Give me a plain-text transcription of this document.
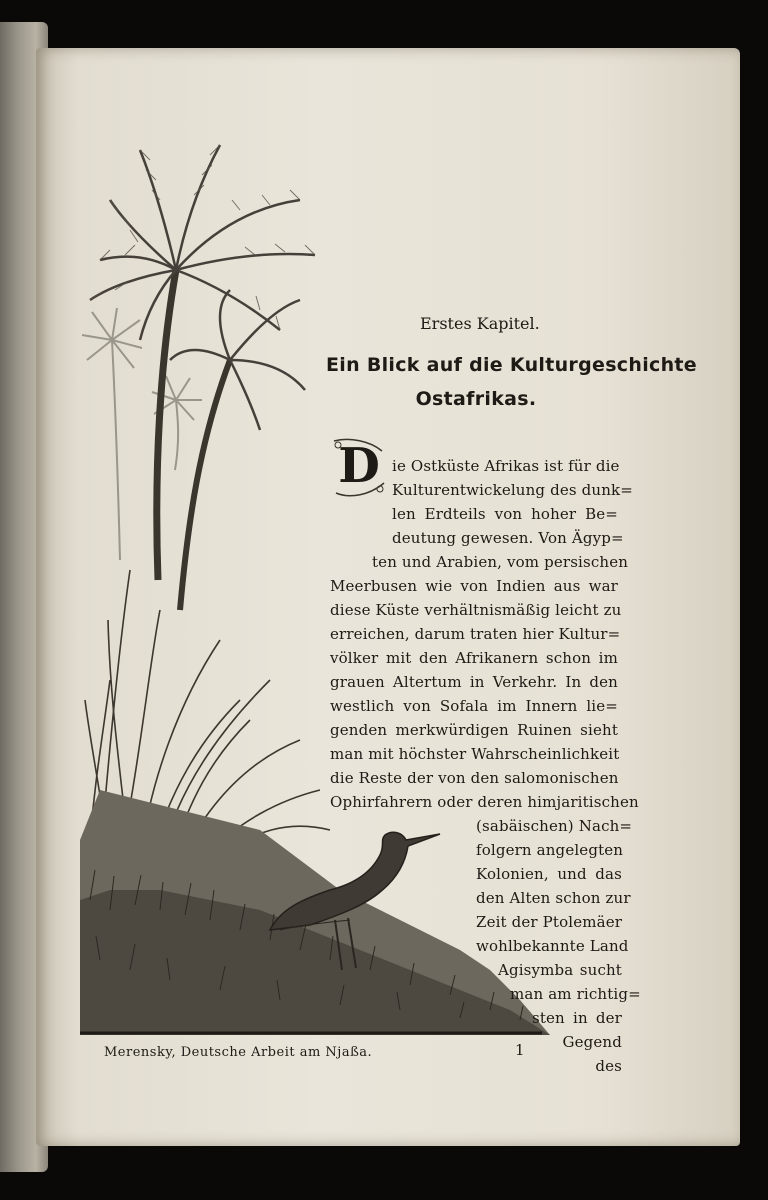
Erstes Kapitel.
Ein Blick auf die Kulturgeschichte
Ostafrikas.
D ie Ostküste Afrikas ist für die
Kulturentwickelung des dunk=
len Erdteils von hoher Be=
deutung gewesen. Von Ägyp=
ten und Arabien, vom persischen
Meerbusen wie von Indien aus war
diese Küste verhältnismäßig leicht zu
erreichen, darum traten hier Kultur=
völker mit den Afrikanern schon im
grauen Altertum in Verkehr. In den
westlich von Sofala im Innern lie=
genden merkwürdigen Ruinen sieht
man mit höchster Wahrscheinlichkeit
die Reste der von den salomonischen
Ophirfahrern oder deren himjaritischen
(sabäischen) Nach=
folgern angelegten
Kolonien, und das
den Alten schon zur
Zeit der Ptolemäer
wohlbekannte Land
Agisymba sucht
man am richtig=
sten in der
Gegend
des
Merensky, Deutsche Arbeit am Njaßa.	1
